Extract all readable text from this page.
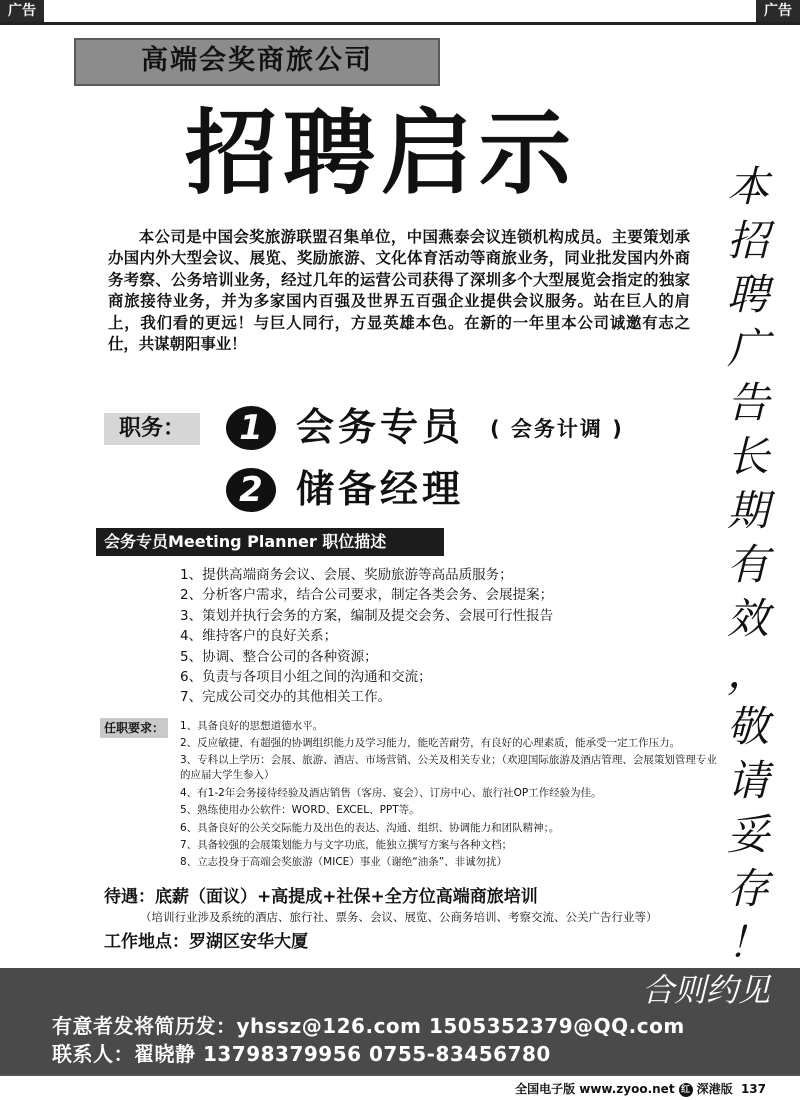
广告	广告
高端会奖商旅公司
招聘启示
本公司是中国会奖旅游联盟召集单位，中国燕泰会议连锁机构成员。主要策划承办国内外大型会议、展览、奖励旅游、文化体育活动等商旅业务，同业批发国内外商务考察、公务培训业务，经过几年的运营公司获得了深圳多个大型展览会指定的独家商旅接待业务，并为多家国内百强及世界五百强企业提供会议服务。站在巨人的肩上，我们看的更远！与巨人同行，方显英雄本色。在新的一年里本公司诚邀有志之仕，共谋朝阳事业！
职务：	1 会务专员 ( 会务计调 )
2 储备经理
会务专员Meeting Planner 职位描述
1、提供高端商务会议、会展、奖励旅游等高品质服务；
2、分析客户需求，结合公司要求，制定各类会务、会展提案；
3、策划并执行会务的方案，编制及提交会务、会展可行性报告
4、维持客户的良好关系；
5、协调、整合公司的各种资源；
6、负责与各项目小组之间的沟通和交流；
7、完成公司交办的其他相关工作。
任职要求：	1、具备良好的思想道德水平。
2、反应敏捷、有超强的协调组织能力及学习能力，能吃苦耐劳，有良好的心理素质，能承受一定工作压力。
3、专科以上学历：会展、旅游、酒店、市场营销、公关及相关专业；（欢迎国际旅游及酒店管理、会展策划管理专业的应届大学生参入）
4、有1-2年会务接待经验及酒店销售（客房、宴会）、订房中心、旅行社OP工作经验为佳。
5、熟练使用办公软件：WORD、EXCEL、PPT等。
6、具备良好的公关交际能力及出色的表达、沟通、组织、协调能力和团队精神；。
7、具备较强的会展策划能力与文字功底，能独立撰写方案与各种文档；
8、立志投身于高端会奖旅游（MICE）事业（谢绝“油条”、非诚勿扰）
待遇：底薪（面议）+高提成+社保+全方位高端商旅培训
（培训行业涉及系统的酒店、旅行社、票务、会议、展览、公商务培训、考察交流、公关广告行业等）
工作地点：罗湖区安华大厦
本
招
聘
广
告
长
期
有
效
，
敬
请
妥
存
！
合则约见
有意者发将简历发：yhssz@126.com 1505352379@QQ.com
联系人：翟晓静 13798379956 0755-83456780
全国电子版 www.zyoo.net 红 深港版 137
